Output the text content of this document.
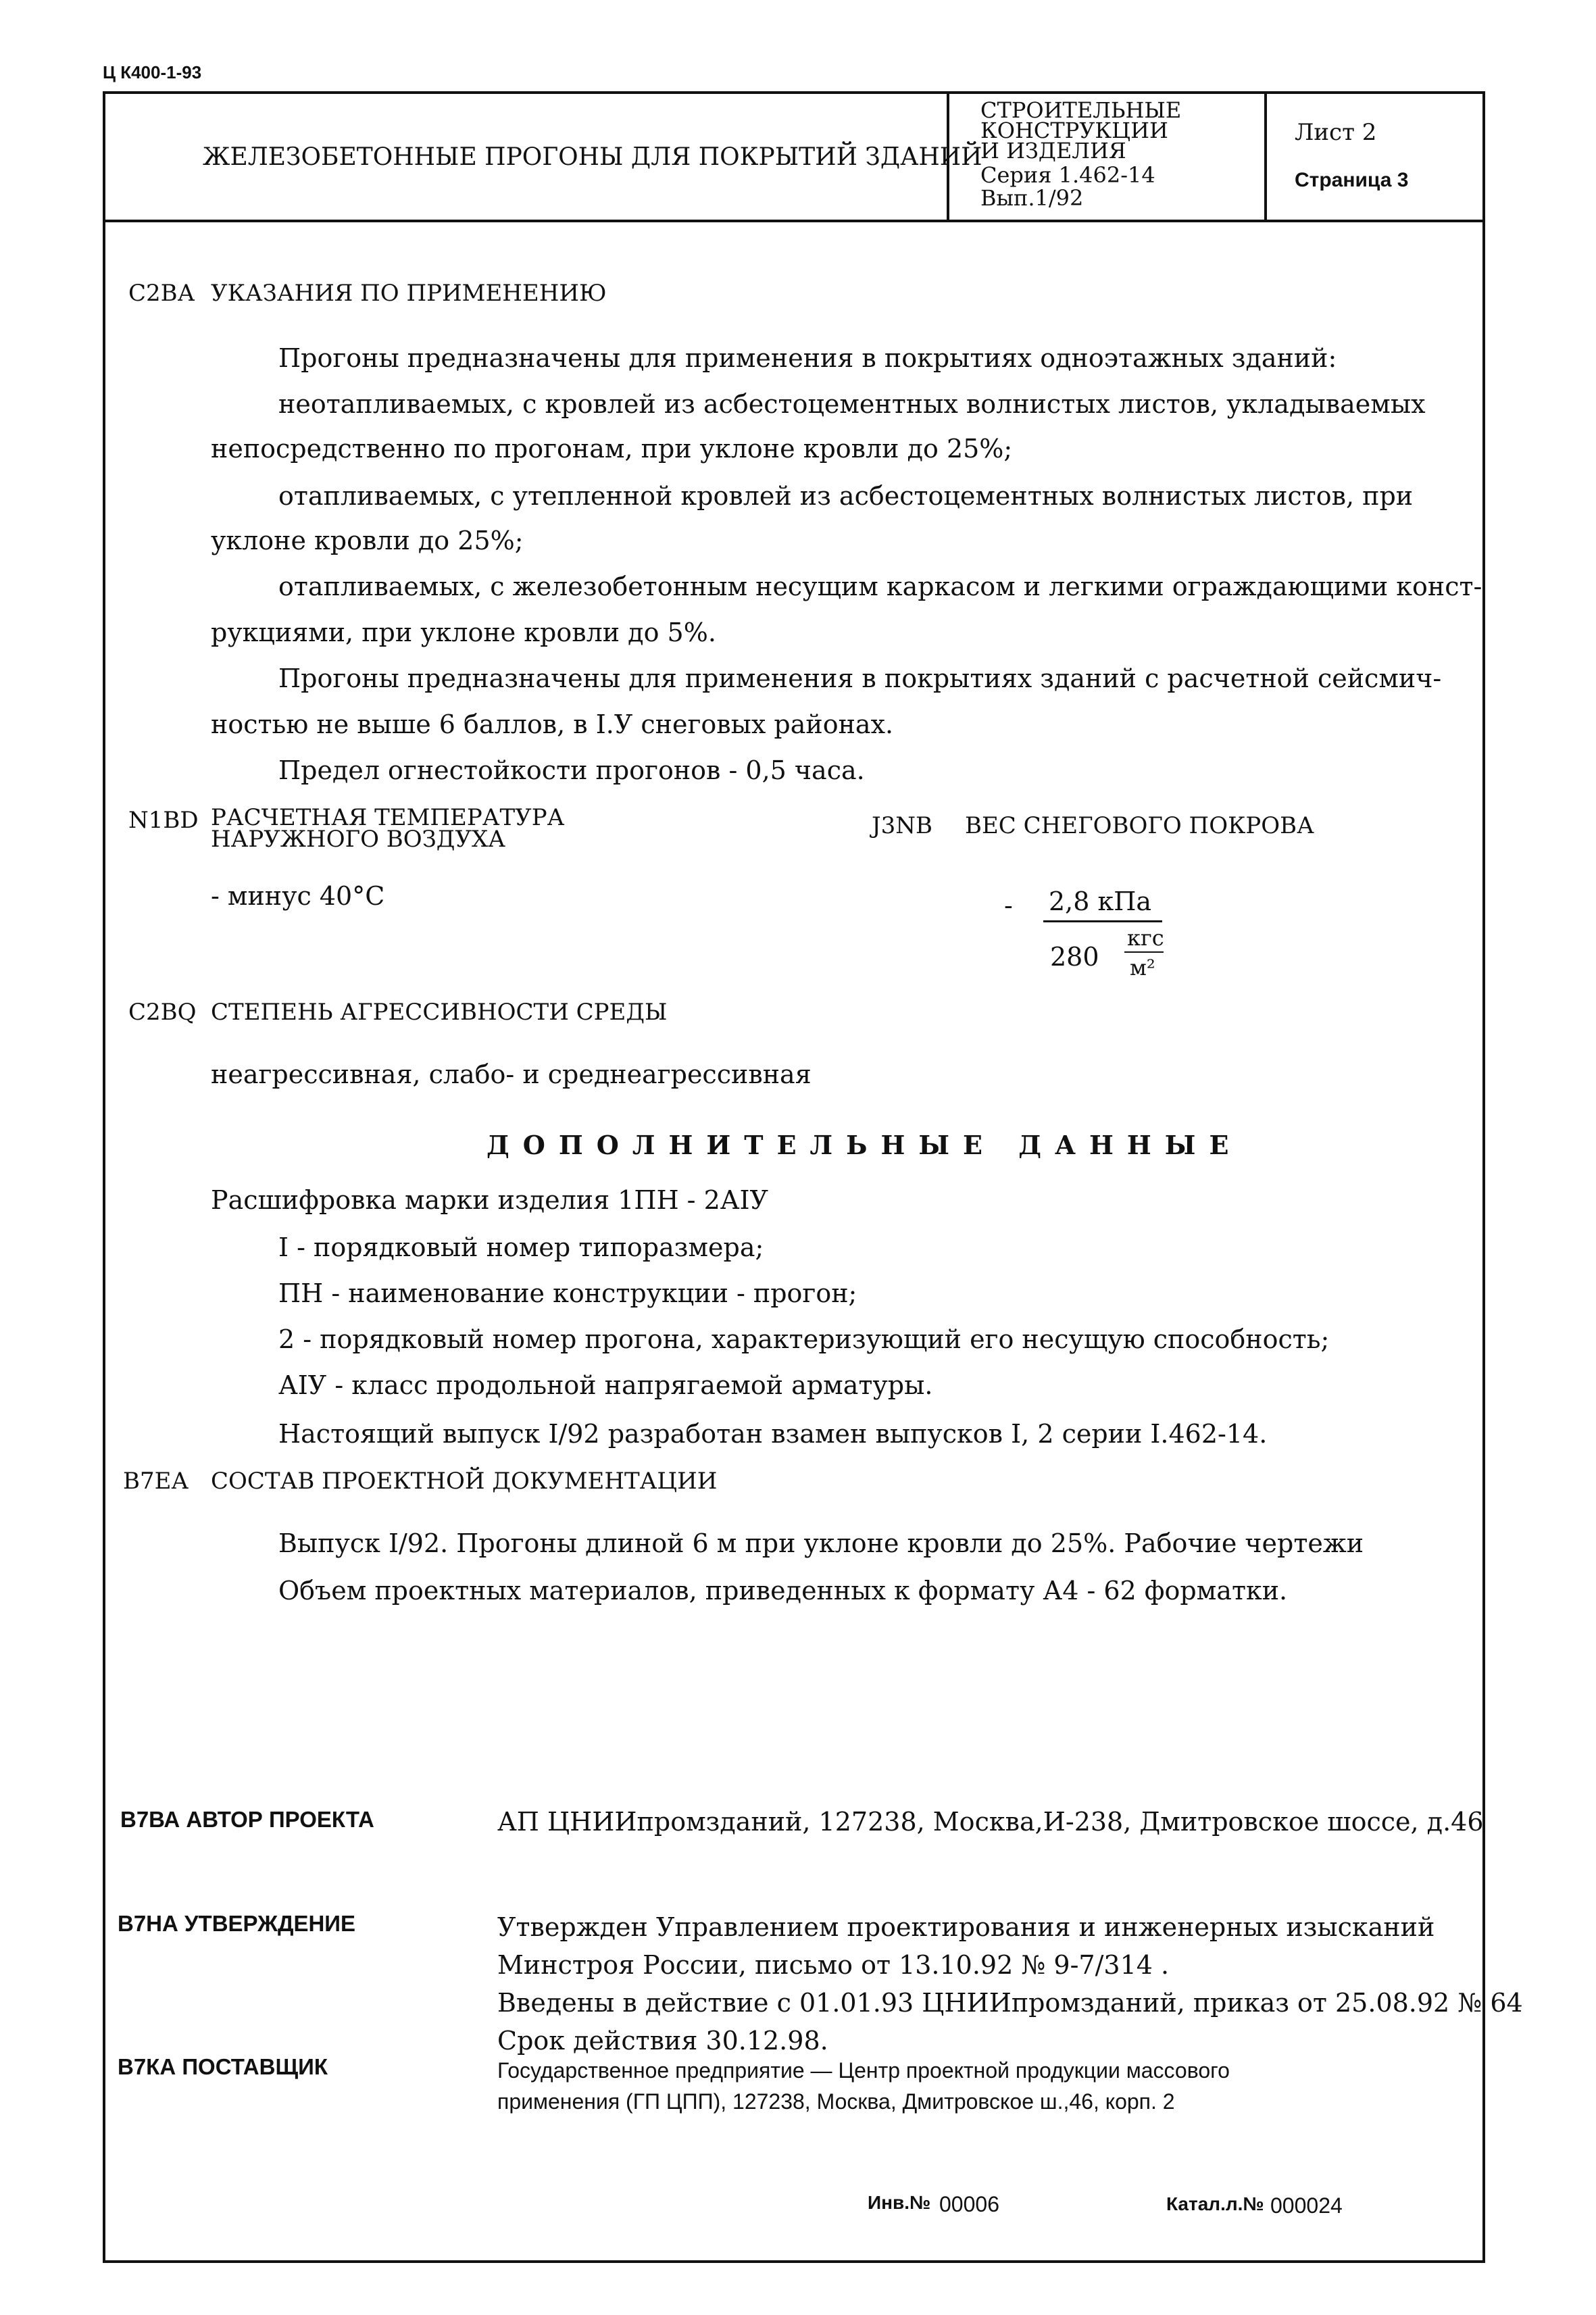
Ц К400-1-93
ЖЕЛЕЗОБЕТОННЫЕ ПРОГОНЫ ДЛЯ ПОКРЫТИЙ ЗДАНИЙ
СТРОИТЕЛЬНЫЕ
КОНСТРУКЦИИ
И ИЗДЕЛИЯ
Серия 1.462-14
Вып.1/92
Лист 2
Страница 3
С2ВА УКАЗАНИЯ ПО ПРИМЕНЕНИЮ
Прогоны предназначены для применения в покрытиях одноэтажных зданий:
неотапливаемых, с кровлей из асбестоцементных волнистых листов, укладываемых
непосредственно по прогонам, при уклоне кровли до 25%;
отапливаемых, с утепленной кровлей из асбестоцементных волнистых листов, при
уклоне кровли до 25%;
отапливаемых, с железобетонным несущим каркасом и легкими ограждающими конст-
рукциями, при уклоне кровли до 5%.
Прогоны предназначены для применения в покрытиях зданий с расчетной сейсмич-
ностью не выше 6 баллов, в I.У снеговых районах.
Предел огнестойкости прогонов - 0,5 часа.
N1BD РАСЧЕТНАЯ ТЕМПЕРАТУРА
НАРУЖНОГО ВОЗДУХА
- минус 40°С
J3NB ВЕС СНЕГОВОГО ПОКРОВА
- 2,8 кПа
280
кгс
м²
С2ВQ СТЕПЕНЬ АГРЕССИВНОСТИ СРЕДЫ
неагрессивная, слабо- и среднеагрессивная
ДОПОЛНИТЕЛЬНЫЕ ДАННЫЕ
Расшифровка марки изделия 1ПН - 2АIУ
I - порядковый номер типоразмера;
ПН - наименование конструкции - прогон;
2 - порядковый номер прогона, характеризующий его несущую способность;
АIУ - класс продольной напрягаемой арматуры.
Настоящий выпуск I/92 разработан взамен выпусков I, 2 серии I.462-14.
В7ЕА СОСТАВ ПРОЕКТНОЙ ДОКУМЕНТАЦИИ
Выпуск I/92. Прогоны длиной 6 м при уклоне кровли до 25%. Рабочие чертежи
Объем проектных материалов, приведенных к формату А4 - 62 форматки.
В7ВА АВТОР ПРОЕКТА	АП ЦНИИпромзданий, 127238, Москва,И-238, Дмитровское шоссе, д.46
В7НА УТВЕРЖДЕНИЕ	Утвержден Управлением проектирования и инженерных изысканий
Минстроя России, письмо от 13.10.92 № 9-7/314 .
Введены в действие с 01.01.93 ЦНИИпромзданий, приказ от 25.08.92 № 64
Срок действия 30.12.98.
В7КА ПОСТАВЩИК	Государственное предприятие — Центр проектной продукции массового
применения (ГП ЦПП), 127238, Москва, Дмитровское ш.,46, корп. 2
Инв.№ 00006	Катал.л.№ 000024
